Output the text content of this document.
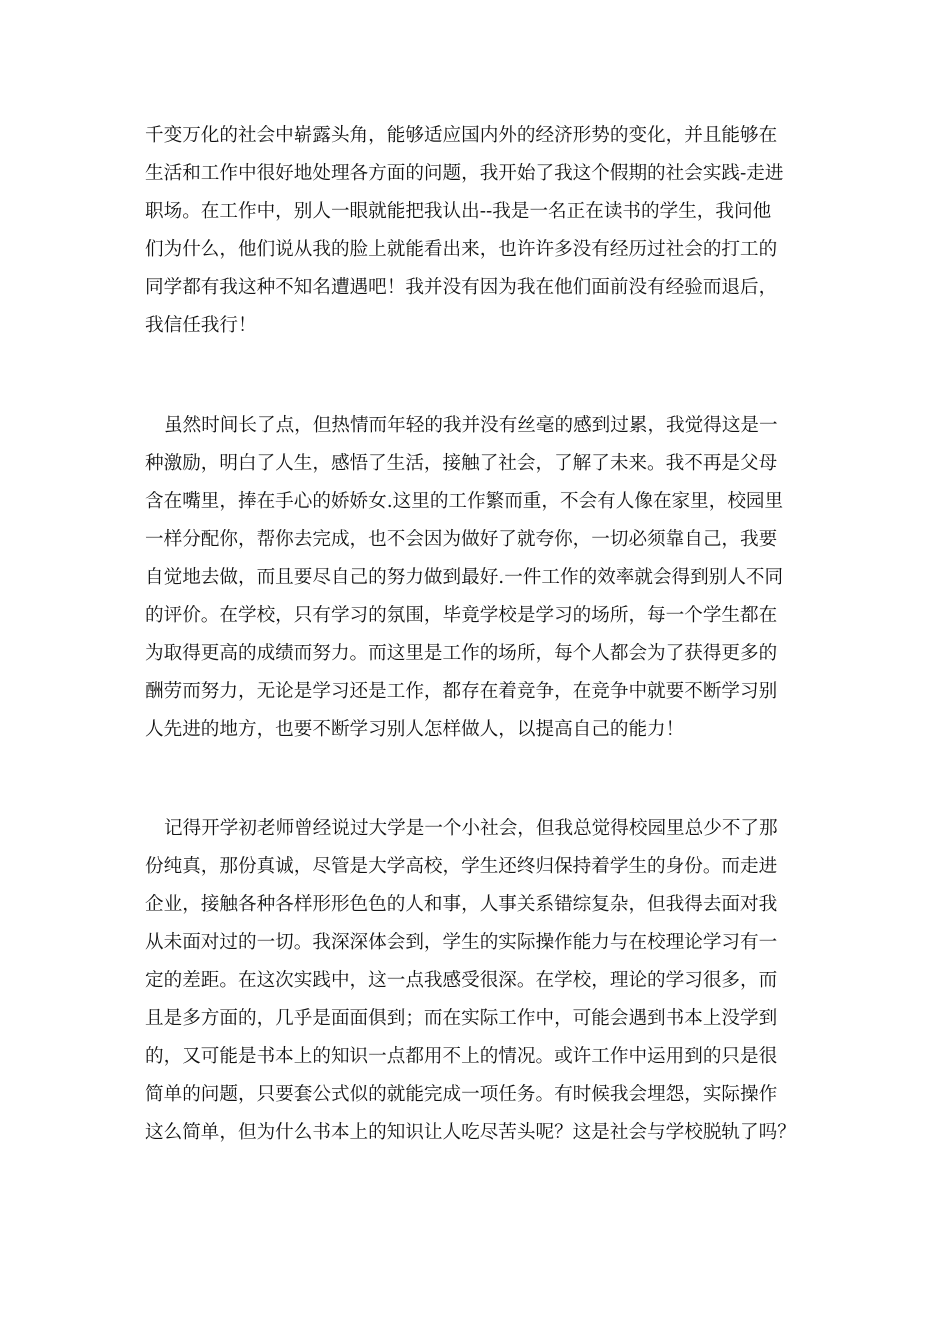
千变万化的社会中崭露头角，能够适应国内外的经济形势的变化，并且能够在
生活和工作中很好地处理各方面的问题，我开始了我这个假期的社会实践-走进
职场。在工作中，别人一眼就能把我认出--我是一名正在读书的学生，我问他
们为什么，他们说从我的脸上就能看出来，也许许多没有经历过社会的打工的
同学都有我这种不知名遭遇吧！我并没有因为我在他们面前没有经验而退后，
我信任我行！
虽然时间长了点，但热情而年轻的我并没有丝毫的感到过累，我觉得这是一
种激励，明白了人生，感悟了生活，接触了社会，了解了未来。我不再是父母
含在嘴里，捧在手心的娇娇女.这里的工作繁而重，不会有人像在家里，校园里
一样分配你，帮你去完成，也不会因为做好了就夸你，一切必须靠自己，我要
自觉地去做，而且要尽自己的努力做到最好.一件工作的效率就会得到别人不同
的评价。在学校，只有学习的氛围，毕竟学校是学习的场所，每一个学生都在
为取得更高的成绩而努力。而这里是工作的场所，每个人都会为了获得更多的
酬劳而努力，无论是学习还是工作，都存在着竞争，在竞争中就要不断学习别
人先进的地方，也要不断学习别人怎样做人，以提高自己的能力！
记得开学初老师曾经说过大学是一个小社会，但我总觉得校园里总少不了那
份纯真，那份真诚，尽管是大学高校，学生还终归保持着学生的身份。而走进
企业，接触各种各样形形色色的人和事，人事关系错综复杂，但我得去面对我
从未面对过的一切。我深深体会到，学生的实际操作能力与在校理论学习有一
定的差距。在这次实践中，这一点我感受很深。在学校，理论的学习很多，而
且是多方面的，几乎是面面俱到；而在实际工作中，可能会遇到书本上没学到
的，又可能是书本上的知识一点都用不上的情况。或许工作中运用到的只是很
简单的问题，只要套公式似的就能完成一项任务。有时候我会埋怨，实际操作
这么简单，但为什么书本上的知识让人吃尽苦头呢？这是社会与学校脱轨了吗？
